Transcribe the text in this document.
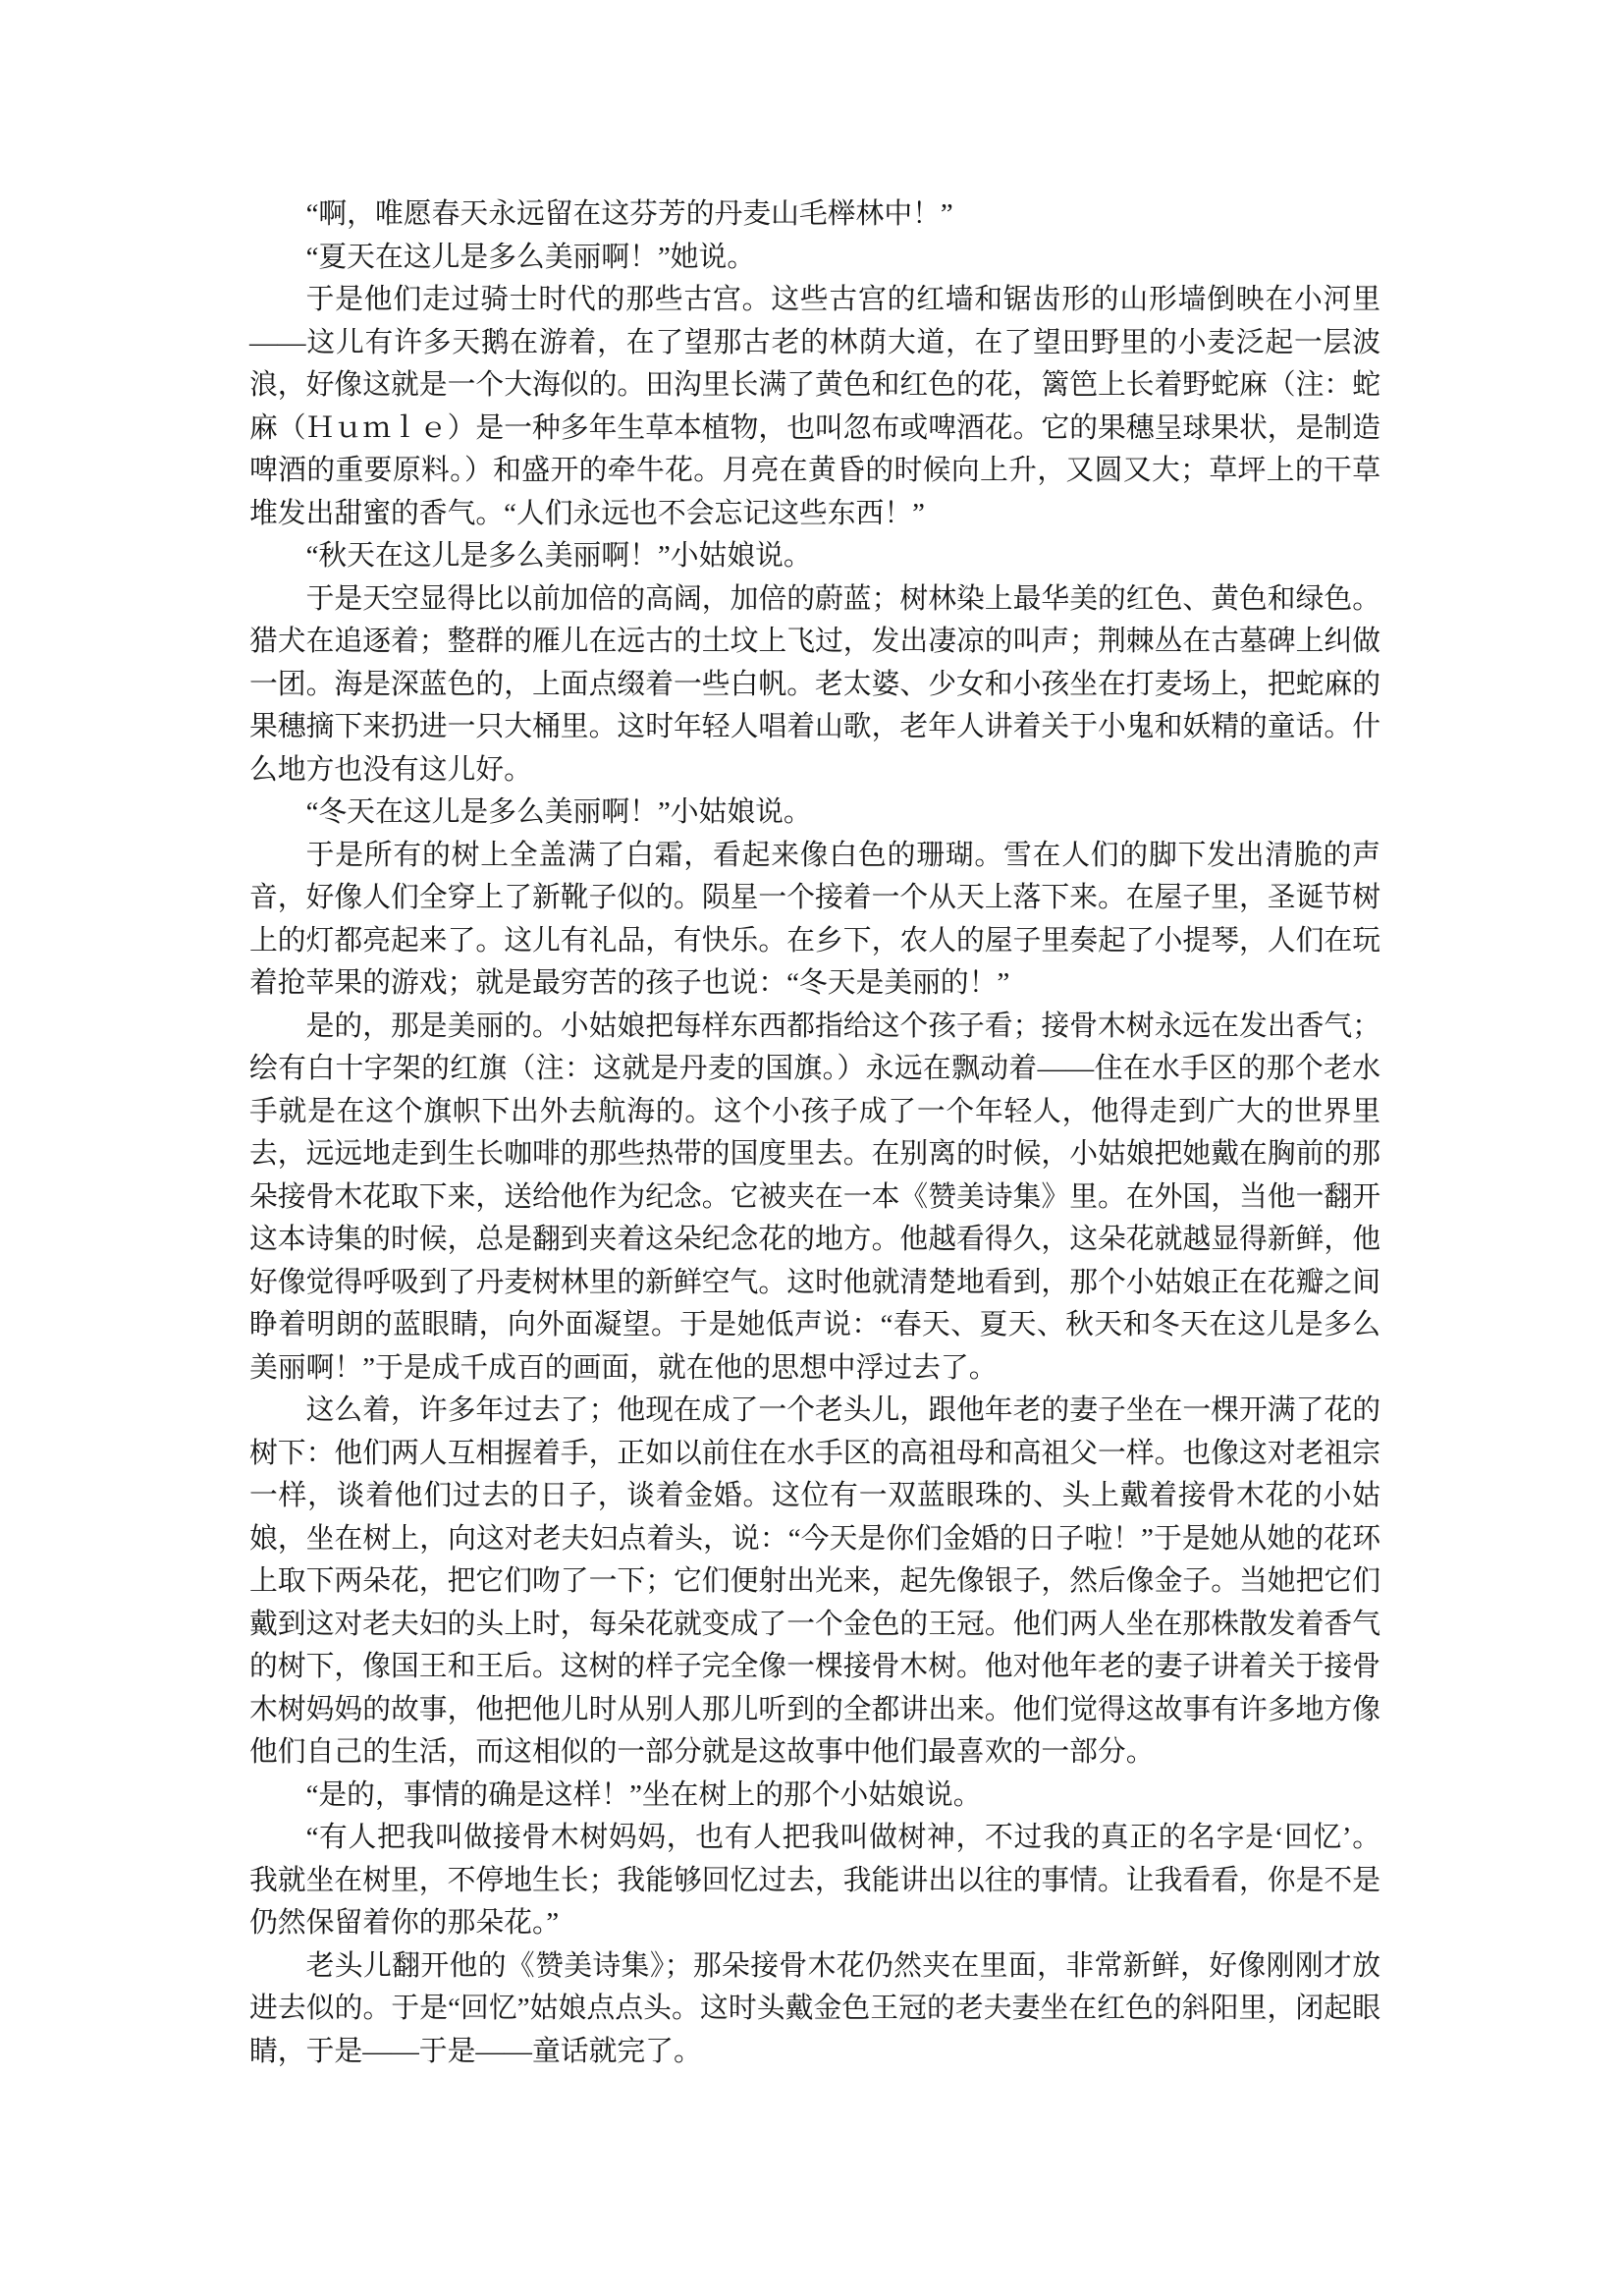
“啊，唯愿春天永远留在这芬芳的丹麦山毛榉林中！”

“夏天在这儿是多么美丽啊！”她说。

于是他们走过骑士时代的那些古宫。这些古宫的红墙和锯齿形的山形墙倒映在小河里——这儿有许多天鹅在游着，在了望那古老的林荫大道，在了望田野里的小麦泛起一层波浪，好像这就是一个大海似的。田沟里长满了黄色和红色的花，篱笆上长着野蛇麻（注：蛇麻（Ｈｕｍｌｅ）是一种多年生草本植物，也叫忽布或啤酒花。它的果穗呈球果状，是制造啤酒的重要原料。）和盛开的牵牛花。月亮在黄昏的时候向上升，又圆又大；草坪上的干草堆发出甜蜜的香气。“人们永远也不会忘记这些东西！”

“秋天在这儿是多么美丽啊！”小姑娘说。

于是天空显得比以前加倍的高阔，加倍的蔚蓝；树林染上最华美的红色、黄色和绿色。猎犬在追逐着；整群的雁儿在远古的土坟上飞过，发出凄凉的叫声；荆棘丛在古墓碑上纠做一团。海是深蓝色的，上面点缀着一些白帆。老太婆、少女和小孩坐在打麦场上，把蛇麻的果穗摘下来扔进一只大桶里。这时年轻人唱着山歌，老年人讲着关于小鬼和妖精的童话。什么地方也没有这儿好。

“冬天在这儿是多么美丽啊！”小姑娘说。

于是所有的树上全盖满了白霜，看起来像白色的珊瑚。雪在人们的脚下发出清脆的声音，好像人们全穿上了新靴子似的。陨星一个接着一个从天上落下来。在屋子里，圣诞节树上的灯都亮起来了。这儿有礼品，有快乐。在乡下，农人的屋子里奏起了小提琴，人们在玩着抢苹果的游戏；就是最穷苦的孩子也说：“冬天是美丽的！”

是的，那是美丽的。小姑娘把每样东西都指给这个孩子看；接骨木树永远在发出香气；绘有白十字架的红旗（注：这就是丹麦的国旗。）永远在飘动着——住在水手区的那个老水手就是在这个旗帜下出外去航海的。这个小孩子成了一个年轻人，他得走到广大的世界里去，远远地走到生长咖啡的那些热带的国度里去。在别离的时候，小姑娘把她戴在胸前的那朵接骨木花取下来，送给他作为纪念。它被夹在一本《赞美诗集》里。在外国，当他一翻开这本诗集的时候，总是翻到夹着这朵纪念花的地方。他越看得久，这朵花就越显得新鲜，他好像觉得呼吸到了丹麦树林里的新鲜空气。这时他就清楚地看到，那个小姑娘正在花瓣之间睁着明朗的蓝眼睛，向外面凝望。于是她低声说：“春天、夏天、秋天和冬天在这儿是多么美丽啊！”于是成千成百的画面，就在他的思想中浮过去了。

这么着，许多年过去了；他现在成了一个老头儿，跟他年老的妻子坐在一棵开满了花的树下：他们两人互相握着手，正如以前住在水手区的高祖母和高祖父一样。也像这对老祖宗一样，谈着他们过去的日子，谈着金婚。这位有一双蓝眼珠的、头上戴着接骨木花的小姑娘，坐在树上，向这对老夫妇点着头，说：“今天是你们金婚的日子啦！”于是她从她的花环上取下两朵花，把它们吻了一下；它们便射出光来，起先像银子，然后像金子。当她把它们戴到这对老夫妇的头上时，每朵花就变成了一个金色的王冠。他们两人坐在那株散发着香气的树下，像国王和王后。这树的样子完全像一棵接骨木树。他对他年老的妻子讲着关于接骨木树妈妈的故事，他把他儿时从别人那儿听到的全都讲出来。他们觉得这故事有许多地方像他们自己的生活，而这相似的一部分就是这故事中他们最喜欢的一部分。

“是的，事情的确是这样！”坐在树上的那个小姑娘说。

“有人把我叫做接骨木树妈妈，也有人把我叫做树神，不过我的真正的名字是‘回忆’。我就坐在树里，不停地生长；我能够回忆过去，我能讲出以往的事情。让我看看，你是不是仍然保留着你的那朵花。”

老头儿翻开他的《赞美诗集》；那朵接骨木花仍然夹在里面，非常新鲜，好像刚刚才放进去似的。于是“回忆”姑娘点点头。这时头戴金色王冠的老夫妻坐在红色的斜阳里，闭起眼睛，于是——于是——童话就完了。
